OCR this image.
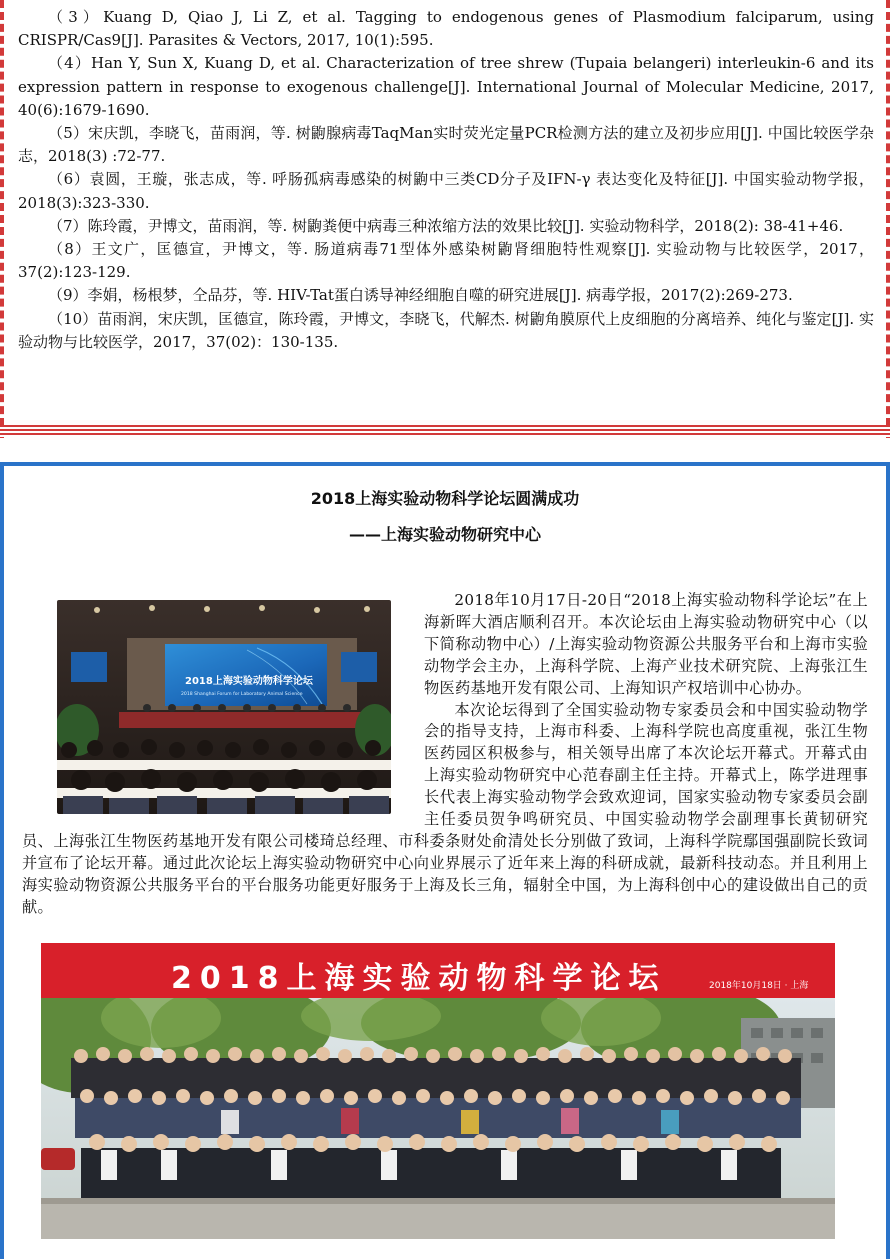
（3）Kuang D, Qiao J, Li Z, et al. Tagging to endogenous genes of Plasmodium falciparum, using CRISPR/Cas9[J]. Parasites & Vectors, 2017, 10(1):595.

（4）Han Y, Sun X, Kuang D, et al. Characterization of tree shrew (Tupaia belangeri) interleukin-6 and its expression pattern in response to exogenous challenge[J]. International Journal of Molecular Medicine, 2017, 40(6):1679-1690.

（5）宋庆凯，李晓飞，苗雨润，等. 树鼩腺病毒TaqMan实时荧光定量PCR检测方法的建立及初步应用[J]. 中国比较医学杂志，2018(3) :72-77.

（6）袁圆，王璇，张志成，等. 呼肠孤病毒感染的树鼩中三类CD分子及IFN-γ 表达变化及特征[J]. 中国实验动物学报，2018(3):323-330.

（7）陈玲霞，尹博文，苗雨润，等. 树鼩粪便中病毒三种浓缩方法的效果比较[J]. 实验动物科学，2018(2): 38-41+46.

（8）王文广，匡德宣，尹博文，等. 肠道病毒71型体外感染树鼩肾细胞特性观察[J]. 实验动物与比较医学，2017，37(2):123-129.

（9）李娟，杨根梦，仝品芬，等. HIV-Tat蛋白诱导神经细胞自噬的研究进展[J]. 病毒学报，2017(2):269-273.

（10）苗雨润，宋庆凯，匡德宣，陈玲霞，尹博文，李晓飞，代解杰. 树鼩角膜原代上皮细胞的分离培养、纯化与鉴定[J]. 实验动物与比较医学，2017，37(02)：130-135.

2018上海实验动物科学论坛圆满成功
——上海实验动物研究中心
2018上海实验动物科学论坛
2018 Shanghai Forum for Laboratory Animal Science

2018年10月17日-20日“2018上海实验动物科学论坛”在上海新晖大酒店顺利召开。本次论坛由上海实验动物研究中心（以下简称动物中心）/上海实验动物资源公共服务平台和上海市实验动物学会主办，上海科学院、上海产业技术研究院、上海张江生物医药基地开发有限公司、上海知识产权培训中心协办。

本次论坛得到了全国实验动物专家委员会和中国实验动物学会的指导支持，上海市科委、上海科学院也高度重视，张江生物医药园区积极参与，相关领导出席了本次论坛开幕式。开幕式由上海实验动物研究中心范春副主任主持。开幕式上，陈学进理事长代表上海实验动物学会致欢迎词，国家实验动物专家委员会副主任委员贺争鸣研究员、中国实验动物学会副理事长黄韧研究员、上海张江生物医药基地开发有限公司楼琦总经理、市科委条财处俞清处长分别做了致词，上海科学院鄢国强副院长致词并宣布了论坛开幕。通过此次论坛上海实验动物研究中心向业界展示了近年来上海的科研成就，最新科技动态。并且利用上海实验动物资源公共服务平台的平台服务功能更好服务于上海及长三角，辐射全中国，为上海科创中心的建设做出自己的贡献。

2018上海实验动物科学论坛	2018年10月18日 · 上海
